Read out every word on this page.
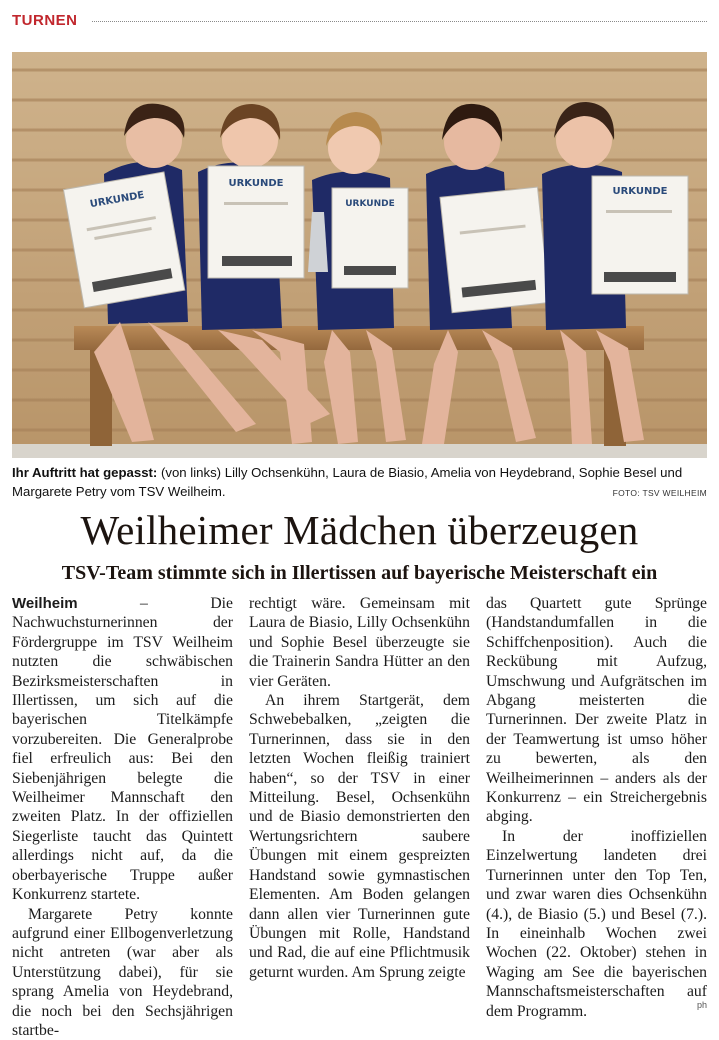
TURNEN
URKUNDE
URKUNDE
URKUNDE
URKUNDE
Ihr Auftritt hat gepasst: (von links) Lilly Ochsenkühn, Laura de Biasio, Amelia von Heydebrand, Sophie Besel und Margarete Petry vom TSV Weilheim.	FOTO: TSV WEILHEIM
Weilheimer Mädchen überzeugen
TSV-Team stimmte sich in Illertissen auf bayerische Meisterschaft ein

Weilheim – Die Nachwuchsturnerinnen der Fördergruppe im TSV Weilheim nutzten die schwäbischen Bezirksmeisterschaften in Illertissen, um sich auf die bayerischen Titelkämpfe vorzubereiten. Die Generalprobe fiel erfreulich aus: Bei den Siebenjährigen belegte die Weilheimer Mannschaft den zweiten Platz. In der offiziellen Siegerliste taucht das Quintett allerdings nicht auf, da die oberbayerische Truppe außer Konkurrenz startete.

Margarete Petry konnte aufgrund einer Ellbogenverletzung nicht antreten (war aber als Unterstützung dabei), für sie sprang Amelia von Heydebrand, die noch bei den Sechsjährigen startbe-

rechtigt wäre. Gemeinsam mit Laura de Biasio, Lilly Ochsenkühn und Sophie Besel überzeugte sie die Trainerin Sandra Hütter an den vier Geräten.

An ihrem Startgerät, dem Schwebebalken, „zeigten die Turnerinnen, dass sie in den letzten Wochen fleißig trainiert haben“, so der TSV in einer Mitteilung. Besel, Ochsenkühn und de Biasio demonstrierten den Wertungsrichtern saubere Übungen mit einem gespreizten Handstand sowie gymnastischen Elementen. Am Boden gelangen dann allen vier Turnerinnen gute Übungen mit Rolle, Handstand und Rad, die auf eine Pflichtmusik geturnt wurden. Am Sprung zeigte

das Quartett gute Sprünge (Handstandumfallen in die Schiffchenposition). Auch die Reckübung mit Aufzug, Umschwung und Aufgrätschen im Abgang meisterten die Turnerinnen. Der zweite Platz in der Teamwertung ist umso höher zu bewerten, als den Weilheimerinnen – anders als der Konkurrenz – ein Streichergebnis abging.

In der inoffiziellen Einzelwertung landeten drei Turnerinnen unter den Top Ten, und zwar waren dies Ochsenkühn (4.), de Biasio (5.) und Besel (7.). In eineinhalb Wochen zwei Wochen (22. Oktober) stehen in Waging am See die bayerischen Mannschaftsmeisterschaften auf dem Programm.	ph
